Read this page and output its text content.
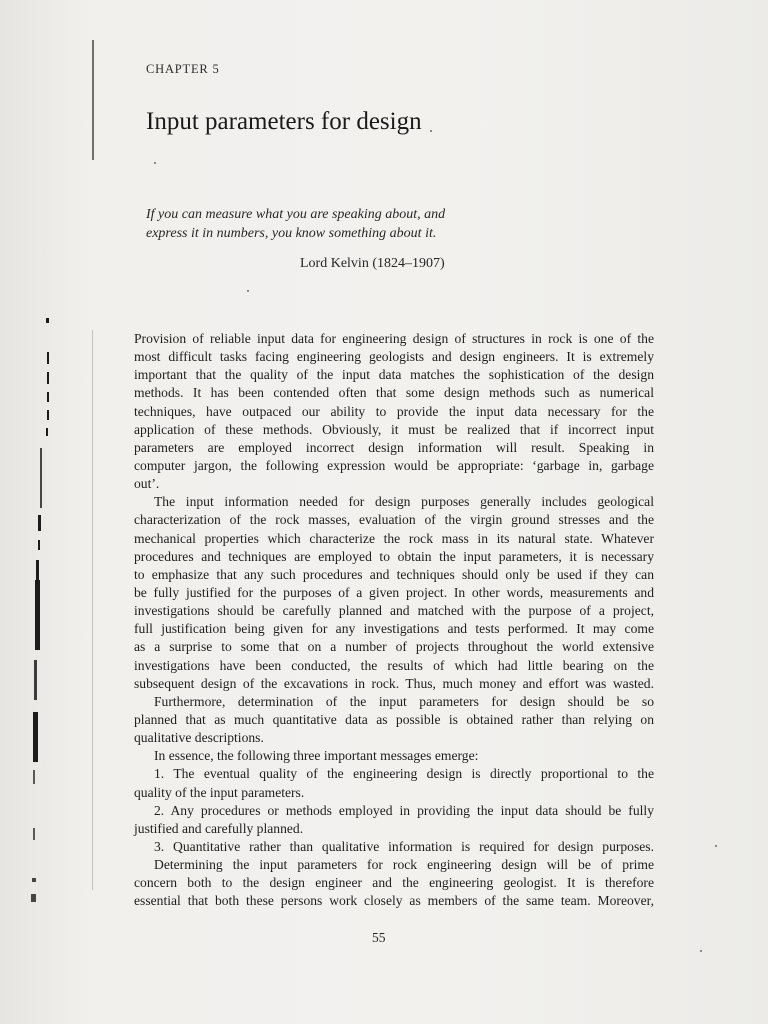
CHAPTER 5
Input parameters for design
If you can measure what you are speaking about, and
express it in numbers, you know something about it.
Lord Kelvin (1824–1907)
Provision of reliable input data for engineering design of structures in rock is one of the
most difficult tasks facing engineering geologists and design engineers. It is extremely
important that the quality of the input data matches the sophistication of the design
methods. It has been contended often that some design methods such as numerical
techniques, have outpaced our ability to provide the input data necessary for the
application of these methods. Obviously, it must be realized that if incorrect input
parameters are employed incorrect design information will result. Speaking in
computer jargon, the following expression would be appropriate: ‘garbage in, garbage
out’.
The input information needed for design purposes generally includes geological
characterization of the rock masses, evaluation of the virgin ground stresses and the
mechanical properties which characterize the rock mass in its natural state. Whatever
procedures and techniques are employed to obtain the input parameters, it is necessary
to emphasize that any such procedures and techniques should only be used if they can
be fully justified for the purposes of a given project. In other words, measurements and
investigations should be carefully planned and matched with the purpose of a project,
full justification being given for any investigations and tests performed. It may come
as a surprise to some that on a number of projects throughout the world extensive
investigations have been conducted, the results of which had little bearing on the
subsequent design of the excavations in rock. Thus, much money and effort was wasted.
Furthermore, determination of the input parameters for design should be so
planned that as much quantitative data as possible is obtained rather than relying on
qualitative descriptions.
In essence, the following three important messages emerge:
1. The eventual quality of the engineering design is directly proportional to the
quality of the input parameters.
2. Any procedures or methods employed in providing the input data should be fully
justified and carefully planned.
3. Quantitative rather than qualitative information is required for design purposes.
Determining the input parameters for rock engineering design will be of prime
concern both to the design engineer and the engineering geologist. It is therefore
essential that both these persons work closely as members of the same team. Moreover,
55
